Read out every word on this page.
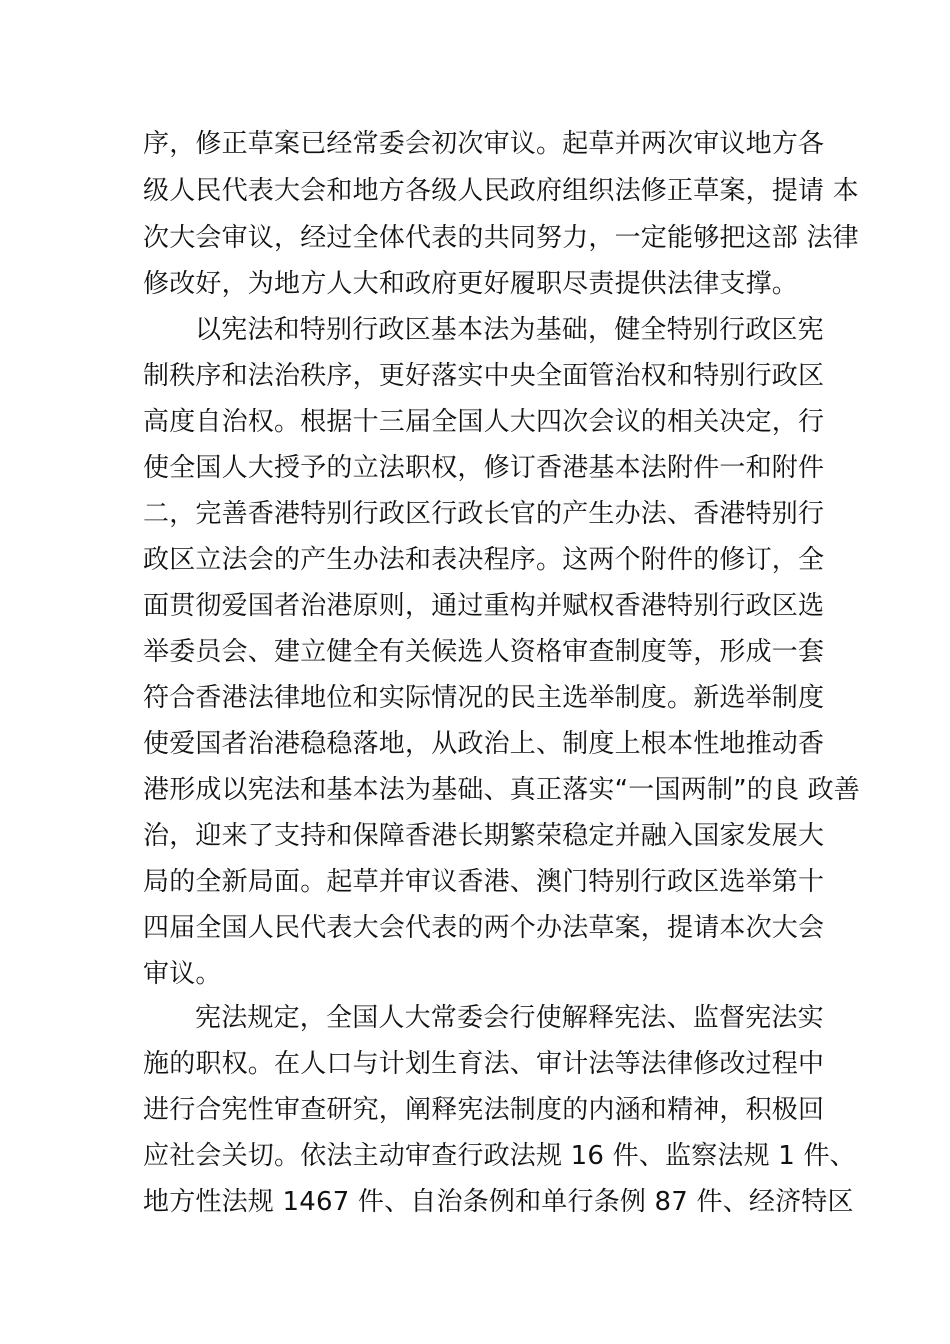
序，修正草案已经常委会初次审议。起草并两次审议地方各
级人民代表大会和地方各级人民政府组织法修正草案，提请 本
次大会审议，经过全体代表的共同努力，一定能够把这部 法律
修改好，为地方人大和政府更好履职尽责提供法律支撑。
以宪法和特别行政区基本法为基础，健全特别行政区宪
制秩序和法治秩序，更好落实中央全面管治权和特别行政区
高度自治权。根据十三届全国人大四次会议的相关决定，行
使全国人大授予的立法职权，修订香港基本法附件一和附件
二，完善香港特别行政区行政长官的产生办法、香港特别行
政区立法会的产生办法和表决程序。这两个附件的修订，全
面贯彻爱国者治港原则，通过重构并赋权香港特别行政区选
举委员会、建立健全有关候选人资格审查制度等，形成一套
符合香港法律地位和实际情况的民主选举制度。新选举制度
使爱国者治港稳稳落地，从政治上、制度上根本性地推动香
港形成以宪法和基本法为基础、真正落实“一国两制”的良 政善
治，迎来了支持和保障香港长期繁荣稳定并融入国家发展大
局的全新局面。起草并审议香港、澳门特别行政区选举第十
四届全国人民代表大会代表的两个办法草案，提请本次大会
审议。
宪法规定，全国人大常委会行使解释宪法、监督宪法实
施的职权。在人口与计划生育法、审计法等法律修改过程中
进行合宪性审查研究，阐释宪法制度的内涵和精神，积极回
应社会关切。依法主动审查行政法规 16 件、监察法规 1 件、
地方性法规 1467 件、自治条例和单行条例 87 件、经济特区
